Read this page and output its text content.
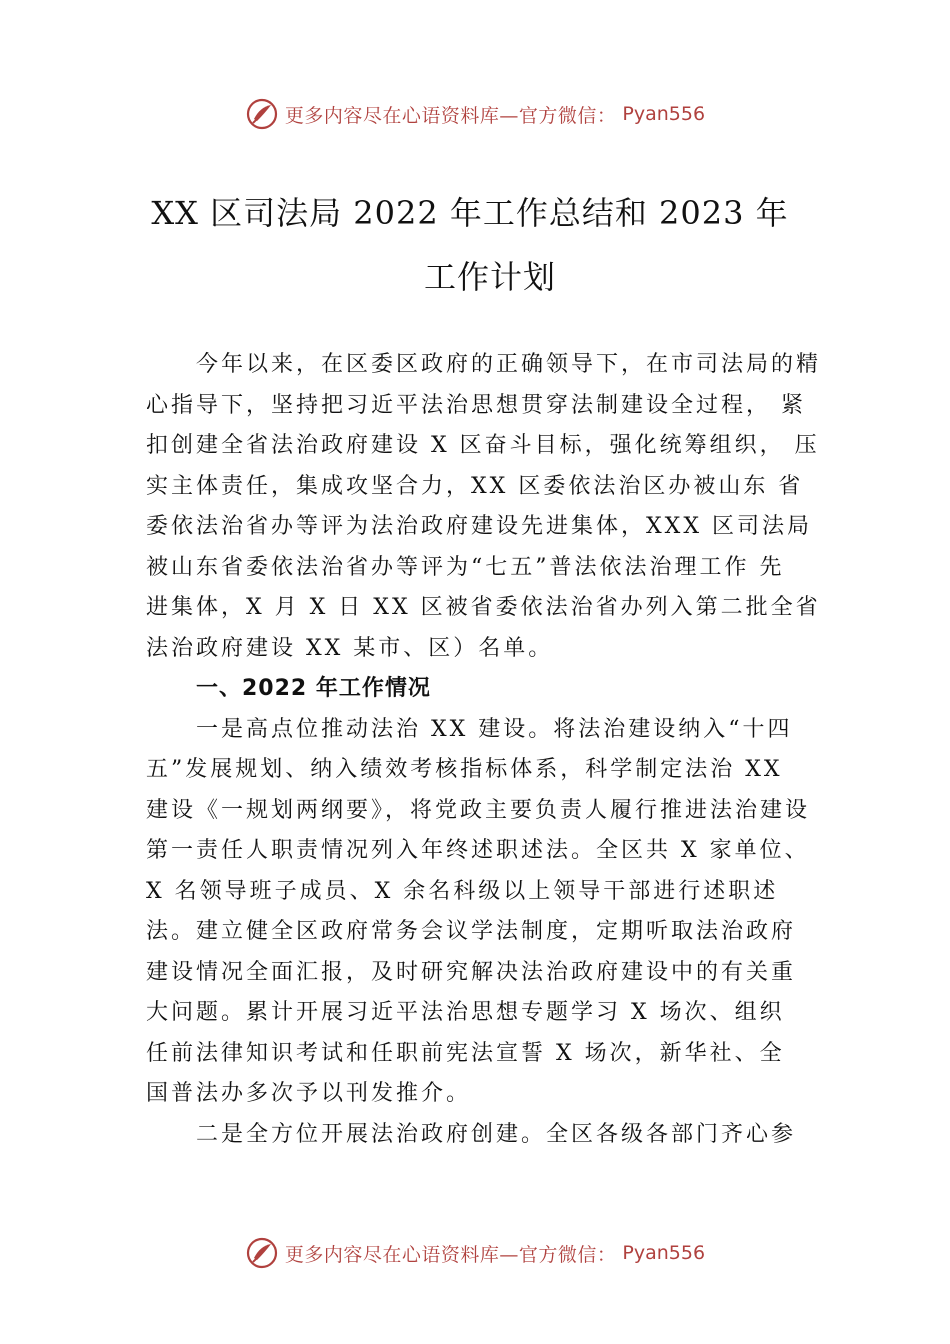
更多内容尽在心语资料库—官方微信： Pyan556
XX 区司法局 2022 年工作总结和 2023 年
工作计划
今年以来，在区委区政府的正确领导下，在市司法局的精
心指导下，坚持把习近平法治思想贯穿法制建设全过程， 紧
扣创建全省法治政府建设 X 区奋斗目标，强化统筹组织， 压
实主体责任，集成攻坚合力，XX 区委依法治区办被山东 省
委依法治省办等评为法治政府建设先进集体，XXX 区司法局
被山东省委依法治省办等评为“七五”普法依法治理工作 先
进集体，X 月 X 日 XX 区被省委依法治省办列入第二批全省
法治政府建设 XX 某市、区）名单。
一、2022 年工作情况
一是高点位推动法治 XX 建设。将法治建设纳入“十四
五”发展规划、纳入绩效考核指标体系，科学制定法治 XX
建设《一规划两纲要》，将党政主要负责人履行推进法治建设
第一责任人职责情况列入年终述职述法。全区共 X 家单位、
X 名领导班子成员、X 余名科级以上领导干部进行述职述
法。建立健全区政府常务会议学法制度，定期听取法治政府
建设情况全面汇报，及时研究解决法治政府建设中的有关重
大问题。累计开展习近平法治思想专题学习 X 场次、组织
任前法律知识考试和任职前宪法宣誓 X 场次，新华社、全
国普法办多次予以刊发推介。
二是全方位开展法治政府创建。全区各级各部门齐心参
更多内容尽在心语资料库—官方微信： Pyan556
